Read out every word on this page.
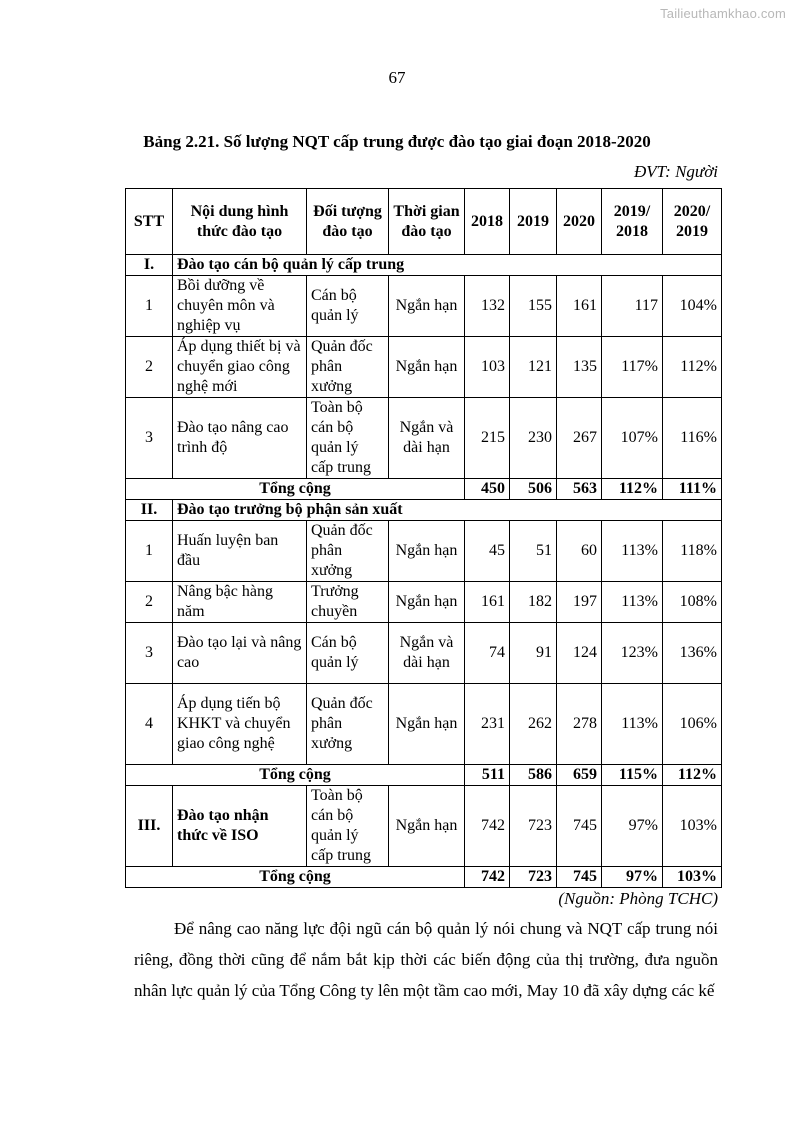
Tailieuthamkhao.com
67
Bảng 2.21. Số lượng NQT cấp trung được đào tạo giai đoạn 2018-2020
ĐVT: Người
STT	Nội dung hình thức đào tạo	Đối tượng đào tạo	Thời gian đào tạo	2018	2019	2020	2019/ 2018	2020/ 2019
I.	Đào tạo cán bộ quản lý cấp trung							
1	Bồi dưỡng về chuyên môn và nghiệp vụ	Cán bộ quản lý	Ngắn hạn	132	155	161	117	104%
2	Áp dụng thiết bị và chuyển giao công nghệ mới	Quản đốc phân xưởng	Ngắn hạn	103	121	135	117%	112%
3	Đào tạo nâng cao trình độ	Toàn bộ cán bộ quản lý cấp trung	Ngắn và dài hạn	215	230	267	107%	116%
Tổng cộng				450	506	563	112%	111%
II.	Đào tạo trưởng bộ phận sản xuất							
1	Huấn luyện ban đầu	Quản đốc phân xưởng	Ngắn hạn	45	51	60	113%	118%
2	Nâng bậc hàng năm	Trưởng chuyền	Ngắn hạn	161	182	197	113%	108%
3	Đào tạo lại và nâng cao	Cán bộ quản lý	Ngắn và dài hạn	74	91	124	123%	136%
4	Áp dụng tiến bộ KHKT và chuyển giao công nghệ	Quản đốc phân xưởng	Ngắn hạn	231	262	278	113%	106%
Tổng cộng				511	586	659	115%	112%
III.	Đào tạo nhận thức về ISO	Toàn bộ cán bộ quản lý cấp trung	Ngắn hạn	742	723	745	97%	103%
Tổng cộng				742	723	745	97%	103%
(Nguồn: Phòng TCHC)
Để nâng cao năng lực đội ngũ cán bộ quản lý nói chung và NQT cấp trung nói riêng, đồng thời cũng để nắm bắt kịp thời các biến động của thị trường, đưa nguồn nhân lực quản lý của Tổng Công ty lên một tầm cao mới, May 10 đã xây dựng các kế
